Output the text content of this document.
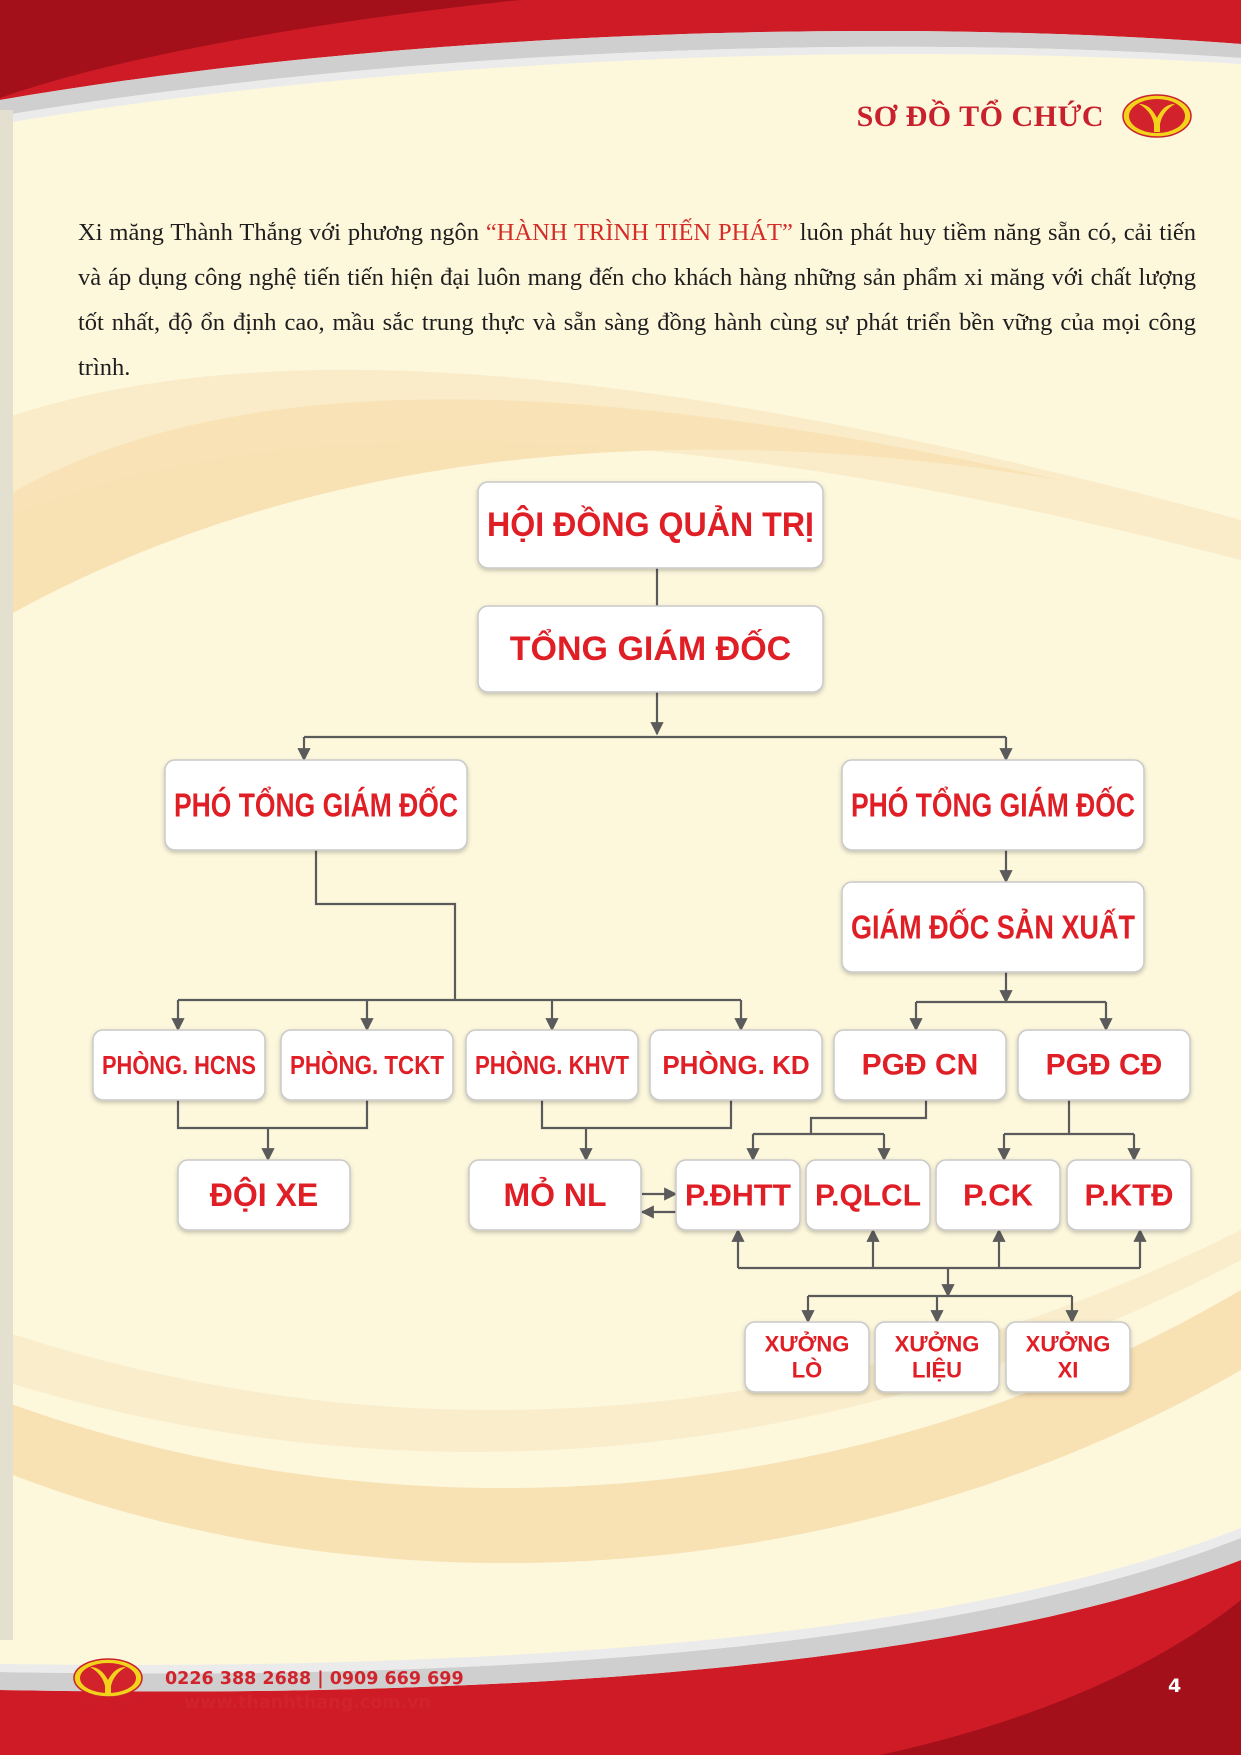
SƠ ĐỒ TỔ CHỨC

Xi măng Thành Thắng với phương ngôn “HÀNH TRÌNH TIẾN PHÁT” luôn phát huy tiềm năng sẵn có, cải tiến và áp dụng công nghệ tiến tiến hiện đại luôn mang đến cho khách hàng những sản phẩm xi măng với chất lượng tốt nhất, độ ổn định cao, mầu sắc trung thực và sẵn sàng đồng hành cùng sự phát triển bền vững của mọi công trình.

HỘI ĐỒNG QUẢN TRỊ
TỔNG GIÁM ĐỐC
PHÓ TỔNG GIÁM ĐỐC	PHÓ TỔNG GIÁM ĐỐC
GIÁM ĐỐC SẢN XUẤT
PHÒNG. HCNS PHÒNG. TCKT PHÒNG. KHVT PHÒNG. KD PGĐ CN PGĐ CĐ
ĐỘI XE	MỎ NL	P.ĐHTT P.QLCL P.CK P.KTĐ
XƯỞNG
LÒ
XƯỞNG
LIỆU
XƯỞNG
XI
THANH THANG GROUP
0226 388 2688 | 0909 669 699
www.thanhthang.com.vn
4
